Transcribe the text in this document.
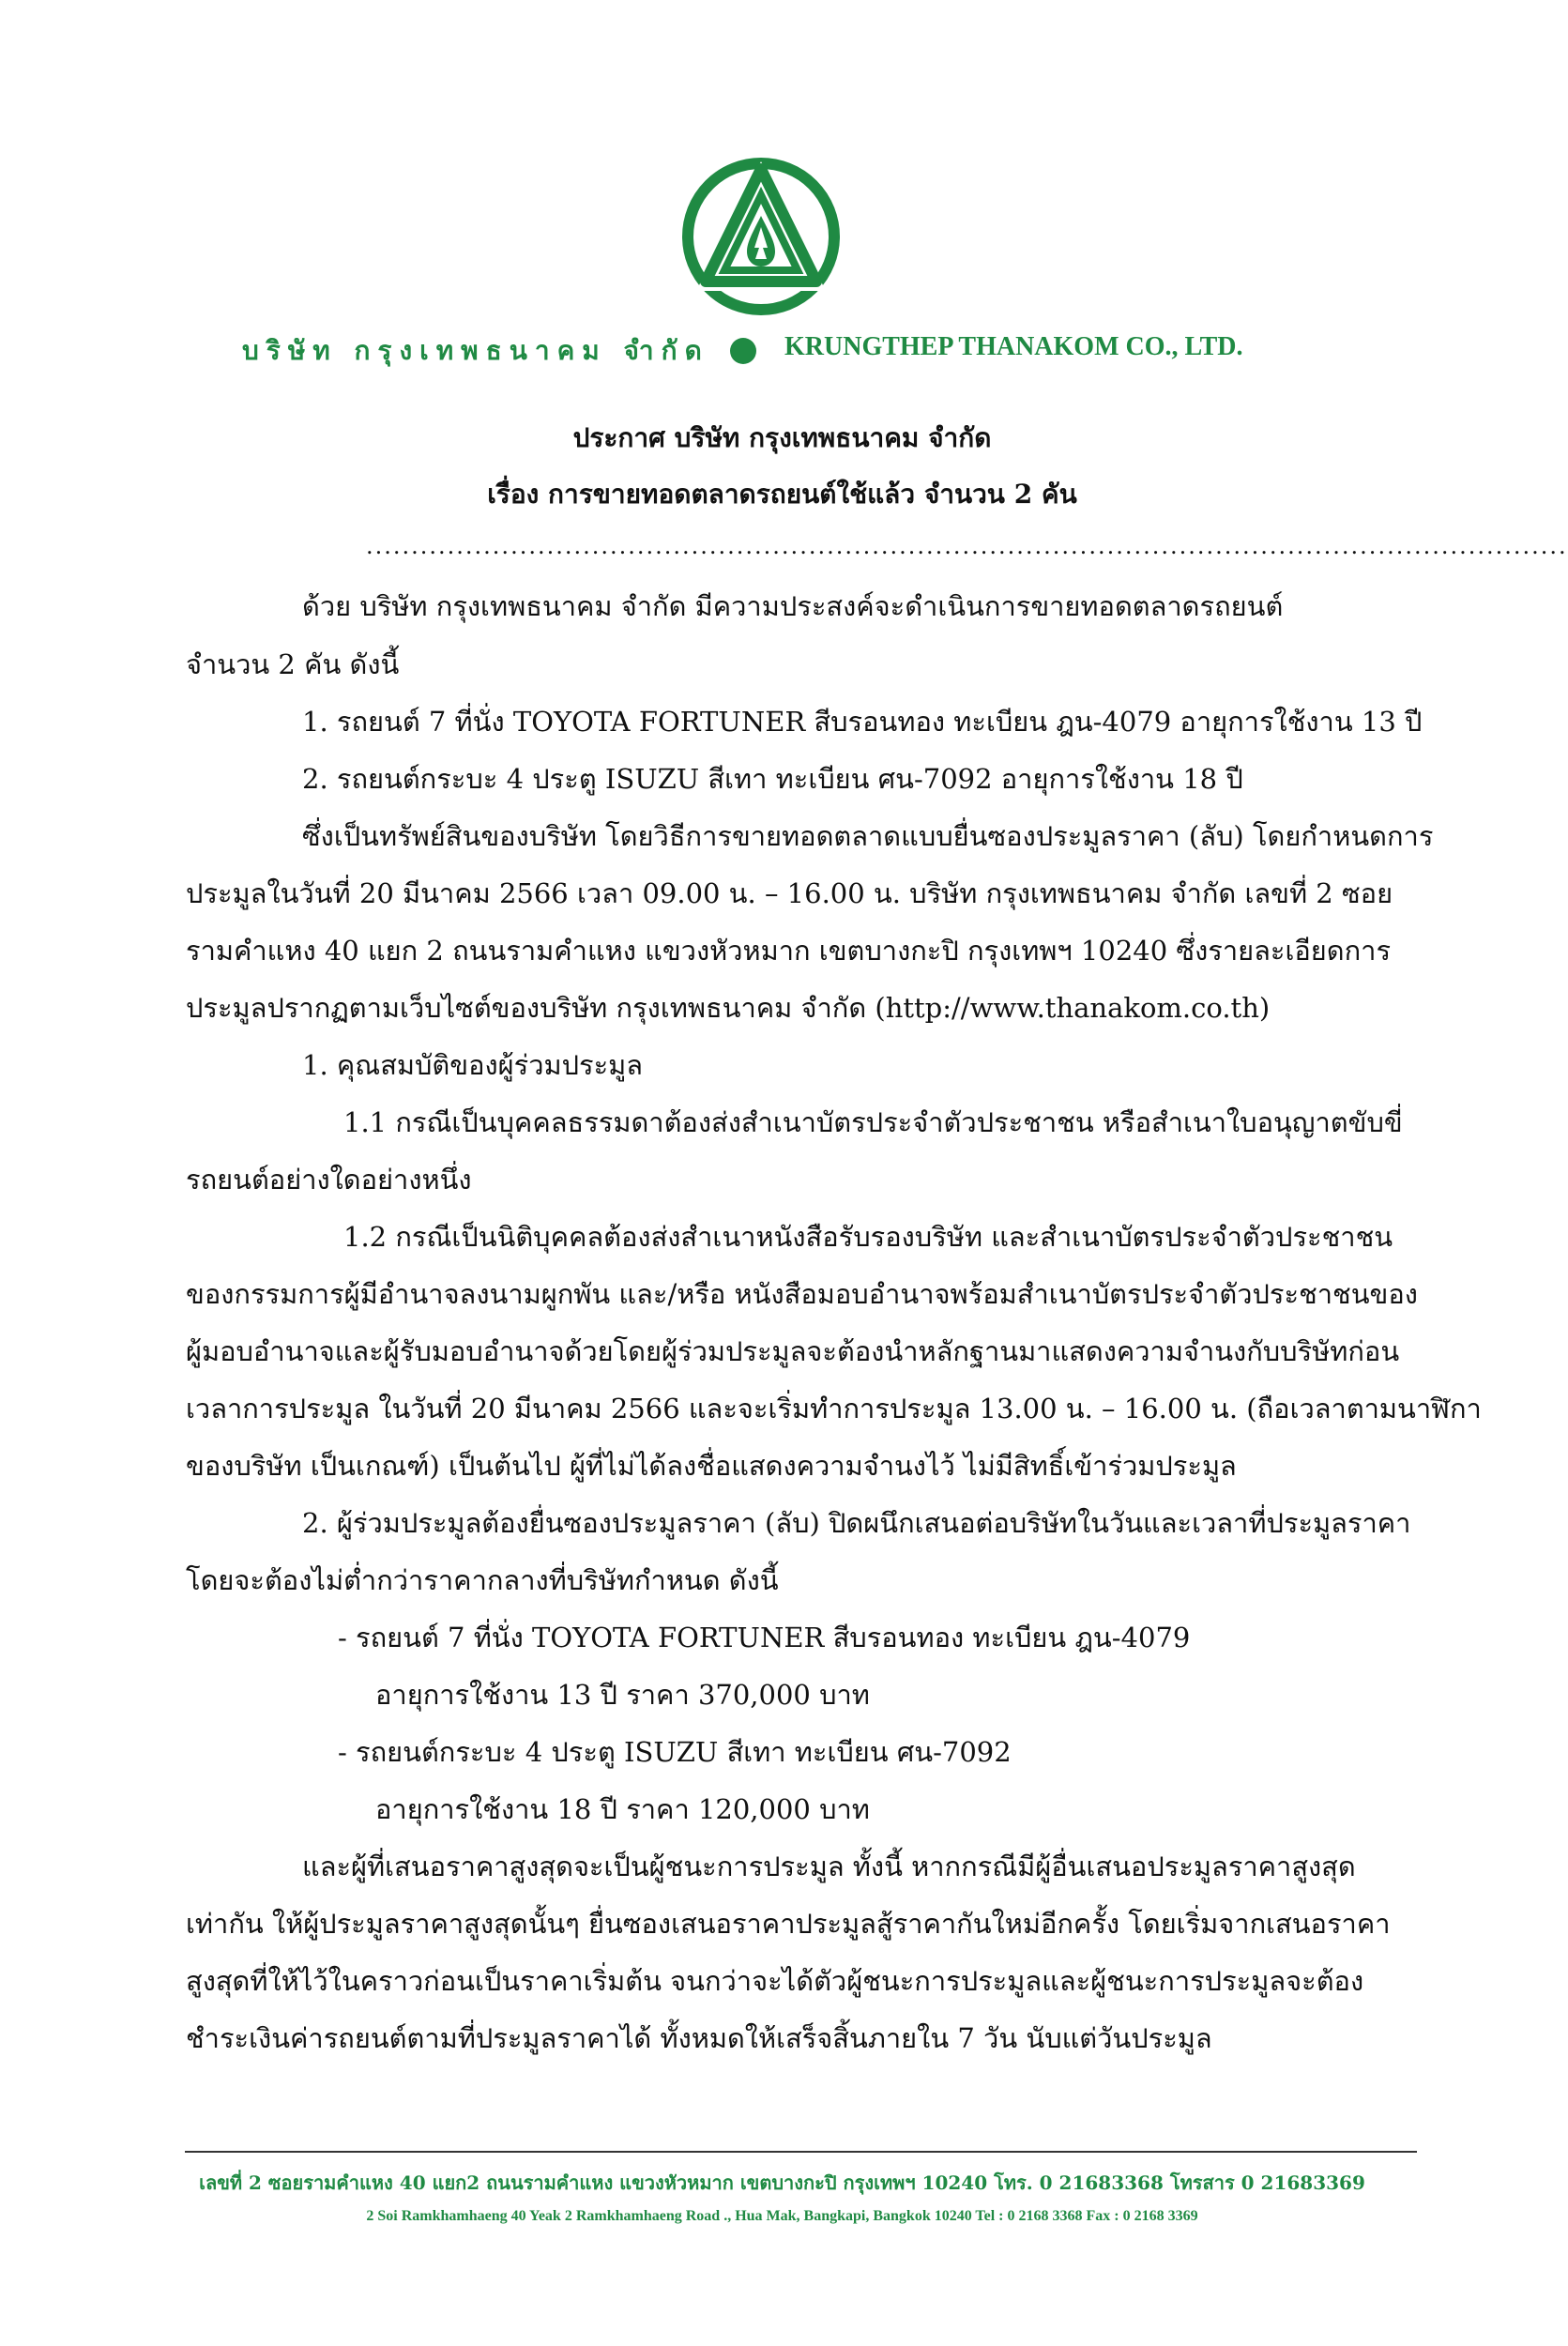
บริษัท กรุงเทพธนาคม จำกัด	KRUNGTHEP THANAKOM CO., LTD.
ประกาศ บริษัท กรุงเทพธนาคม จำกัด
เรื่อง การขายทอดตลาดรถยนต์ใช้แล้ว จำนวน 2 คัน
.....................................................................................................................................
ด้วย บริษัท กรุงเทพธนาคม จำกัด มีความประสงค์จะดำเนินการขายทอดตลาดรถยนต์
จำนวน 2 คัน ดังนี้
1. รถยนต์ 7 ที่นั่ง TOYOTA FORTUNER สีบรอนทอง ทะเบียน ฎน-4079 อายุการใช้งาน 13 ปี
2. รถยนต์กระบะ 4 ประตู ISUZU สีเทา ทะเบียน ศน-7092 อายุการใช้งาน 18 ปี
ซึ่งเป็นทรัพย์สินของบริษัท โดยวิธีการขายทอดตลาดแบบยื่นซองประมูลราคา (ลับ) โดยกำหนดการ
ประมูลในวันที่ 20 มีนาคม 2566 เวลา 09.00 น. – 16.00 น. บริษัท กรุงเทพธนาคม จำกัด เลขที่ 2 ซอย
รามคำแหง 40 แยก 2 ถนนรามคำแหง แขวงหัวหมาก เขตบางกะปิ กรุงเทพฯ 10240 ซึ่งรายละเอียดการ
ประมูลปรากฏตามเว็บไซต์ของบริษัท กรุงเทพธนาคม จำกัด (http://www.thanakom.co.th)
1. คุณสมบัติของผู้ร่วมประมูล
1.1 กรณีเป็นบุคคลธรรมดาต้องส่งสำเนาบัตรประจำตัวประชาชน หรือสำเนาใบอนุญาตขับขี่
รถยนต์อย่างใดอย่างหนึ่ง
1.2 กรณีเป็นนิติบุคคลต้องส่งสำเนาหนังสือรับรองบริษัท และสำเนาบัตรประจำตัวประชาชน
ของกรรมการผู้มีอำนาจลงนามผูกพัน และ/หรือ หนังสือมอบอำนาจพร้อมสำเนาบัตรประจำตัวประชาชนของ
ผู้มอบอำนาจและผู้รับมอบอำนาจด้วยโดยผู้ร่วมประมูลจะต้องนำหลักฐานมาแสดงความจำนงกับบริษัทก่อน
เวลาการประมูล ในวันที่ 20 มีนาคม 2566 และจะเริ่มทำการประมูล 13.00 น. – 16.00 น. (ถือเวลาตามนาฬิกา
ของบริษัท เป็นเกณฑ์) เป็นต้นไป ผู้ที่ไม่ได้ลงชื่อแสดงความจำนงไว้ ไม่มีสิทธิ์เข้าร่วมประมูล
2. ผู้ร่วมประมูลต้องยื่นซองประมูลราคา (ลับ) ปิดผนึกเสนอต่อบริษัทในวันและเวลาที่ประมูลราคา
โดยจะต้องไม่ต่ำกว่าราคากลางที่บริษัทกำหนด ดังนี้
- รถยนต์ 7 ที่นั่ง TOYOTA FORTUNER สีบรอนทอง ทะเบียน ฎน-4079
อายุการใช้งาน 13 ปี ราคา 370,000 บาท
- รถยนต์กระบะ 4 ประตู ISUZU สีเทา ทะเบียน ศน-7092
อายุการใช้งาน 18 ปี ราคา 120,000 บาท
และผู้ที่เสนอราคาสูงสุดจะเป็นผู้ชนะการประมูล ทั้งนี้ หากกรณีมีผู้อื่นเสนอประมูลราคาสูงสุด
เท่ากัน ให้ผู้ประมูลราคาสูงสุดนั้นๆ ยื่นซองเสนอราคาประมูลสู้ราคากันใหม่อีกครั้ง โดยเริ่มจากเสนอราคา
สูงสุดที่ให้ไว้ในคราวก่อนเป็นราคาเริ่มต้น จนกว่าจะได้ตัวผู้ชนะการประมูลและผู้ชนะการประมูลจะต้อง
ชำระเงินค่ารถยนต์ตามที่ประมูลราคาได้ ทั้งหมดให้เสร็จสิ้นภายใน 7 วัน นับแต่วันประมูล
เลขที่ 2 ซอยรามคำแหง 40 แยก2 ถนนรามคำแหง แขวงหัวหมาก เขตบางกะปิ กรุงเทพฯ 10240 โทร. 0 21683368 โทรสาร 0 21683369
2 Soi Ramkhamhaeng 40 Yeak 2 Ramkhamhaeng Road ., Hua Mak, Bangkapi, Bangkok 10240 Tel : 0 2168 3368 Fax : 0 2168 3369
